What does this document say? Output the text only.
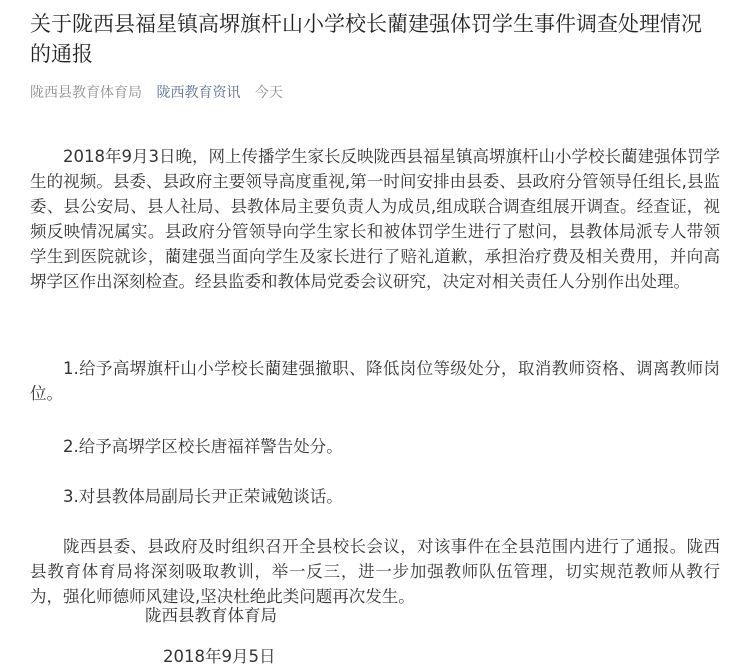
关于陇西县福星镇高堺旗杆山小学校长藺建强体罚学生事件调查处理情况的通报
陇西县教育体育局 陇西教育资讯 今天

2018年9月3日晚，网上传播学生家长反映陇西县福星镇高堺旗杆山小学校长藺建强体罚学生的视频。县委、县政府主要领导高度重视,第一时间安排由县委、县政府分管领导任组长,县监委、县公安局、县人社局、县教体局主要负责人为成员,组成联合调查组展开调查。经查证，视频反映情况属实。县政府分管领导向学生家长和被体罚学生进行了慰问，县教体局派专人带领学生到医院就诊，藺建强当面向学生及家长进行了赔礼道歉，承担治疗费及相关费用，并向高堺学区作出深刻检查。经县监委和教体局党委会议研究，决定对相关责任人分别作出处理。

1.给予高堺旗杆山小学校长藺建强撤职、降低岗位等级处分，取消教师资格、调离教师岗位。

2.给予高堺学区校长唐福祥警告处分。

3.对县教体局副局长尹正荣诫勉谈话。

陇西县委、县政府及时组织召开全县校长会议，对该事件在全县范围内进行了通报。陇西县教育体育局将深刻吸取教训，举一反三，进一步加强教师队伍管理，切实规范教师从教行为，强化师德师风建设,坚决杜绝此类问题再次发生。

陇西县教育体育局
2018年9月5日
